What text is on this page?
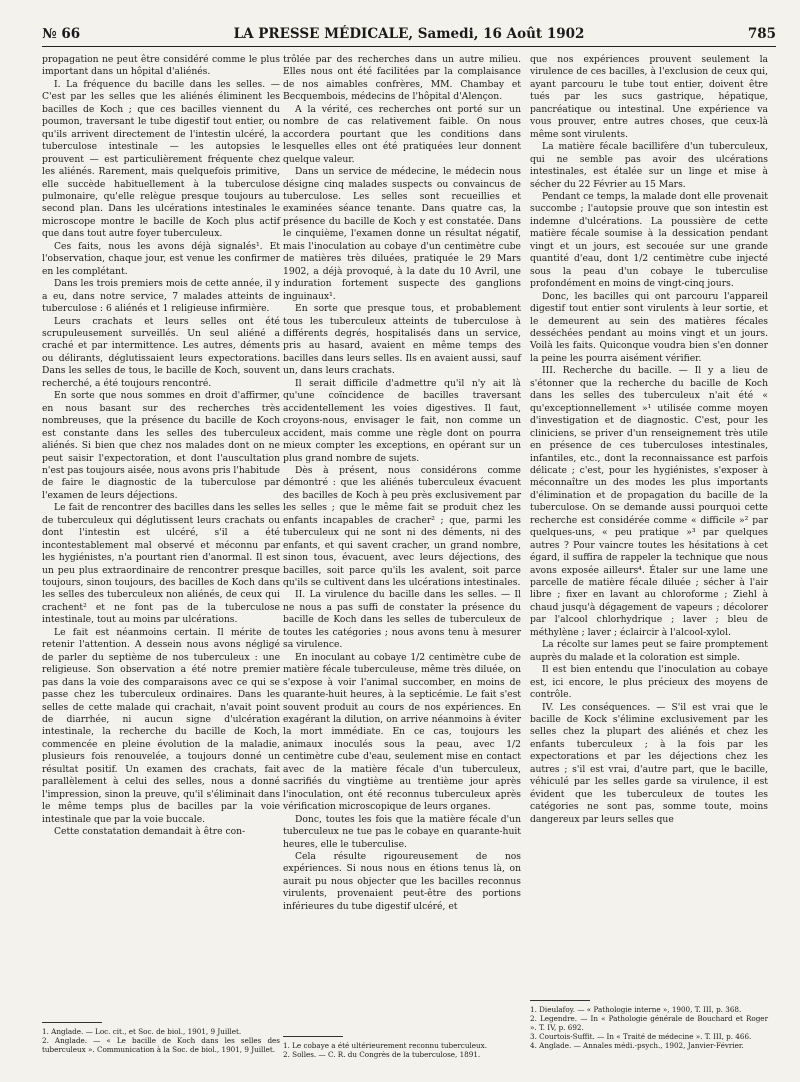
№ 66	LA PRESSE MÉDICALE, Samedi, 16 Août 1902	785

propagation ne peut être considéré comme le plus important dans un hôpital d'aliénés.

I. La fréquence du bacille dans les selles. — C'est par les selles que les aliénés éliminent les bacilles de Koch ; que ces bacilles viennent du poumon, traversant le tube digestif tout entier, ou qu'ils arrivent directement de l'intestin ulcéré, la tuberculose intestinale — les autopsies le prouvent — est particulièrement fréquente chez les aliénés. Rarement, mais quelquefois primitive, elle succède habituellement à la tuberculose pulmonaire, qu'elle relègue presque toujours au second plan. Dans les ulcérations intestinales le microscope montre le bacille de Koch plus actif que dans tout autre foyer tuberculeux.

Ces faits, nous les avons déjà signalés¹. Et l'observation, chaque jour, est venue les confirmer en les complétant.

Dans les trois premiers mois de cette année, il y a eu, dans notre service, 7 malades atteints de tuberculose : 6 aliénés et 1 religieuse infirmière.

Leurs crachats et leurs selles ont été scrupuleusement surveillés. Un seul aliéné a craché et par intermittence. Les autres, déments ou délirants, déglutissaient leurs expectorations. Dans les selles de tous, le bacille de Koch, souvent recherché, a été toujours rencontré.

En sorte que nous sommes en droit d'affirmer, en nous basant sur des recherches très nombreuses, que la présence du bacille de Koch est constante dans les selles des tuberculeux aliénés. Si bien que chez nos malades dont on ne peut saisir l'expectoration, et dont l'auscultation n'est pas toujours aisée, nous avons pris l'habitude de faire le diagnostic de la tuberculose par l'examen de leurs déjections.

Le fait de rencontrer des bacilles dans les selles de tuberculeux qui déglutissent leurs crachats ou dont l'intestin est ulcéré, s'il a été incontestablement mal observé et méconnu par les hygiénistes, n'a pourtant rien d'anormal. Il est un peu plus extraordinaire de rencontrer presque toujours, sinon toujours, des bacilles de Koch dans les selles des tuberculeux non aliénés, de ceux qui crachent² et ne font pas de la tuberculose intestinale, tout au moins par ulcérations.

Le fait est néanmoins certain. Il mérite de retenir l'attention. A dessein nous avons négligé de parler du septième de nos tuberculeux : une religieuse. Son observation a été notre premier pas dans la voie des comparaisons avec ce qui se passe chez les tuberculeux ordinaires. Dans les selles de cette malade qui crachait, n'avait point de diarrhée, ni aucun signe d'ulcération intestinale, la recherche du bacille de Koch, commencée en pleine évolution de la maladie, plusieurs fois renouvelée, a toujours donné un résultat positif. Un examen des crachats, fait parallèlement à celui des selles, nous a donné l'impression, sinon la preuve, qu'il s'éliminait dans le même temps plus de bacilles par la voie intestinale que par la voie buccale.

Cette constatation demandait à être con-

1. Anglade. — Loc. cit., et Soc. de biol., 1901, 9 Juillet.
2. Anglade. — « Le bacille de Koch dans les selles des tuberculeux ». Communication à la Soc. de biol., 1901, 9 Juillet.

trôlée par des recherches dans un autre milieu. Elles nous ont été facilitées par la complaisance de nos aimables confrères, MM. Chambay et Becquembois, médecins de l'hôpital d'Alençon.

A la vérité, ces recherches ont porté sur un nombre de cas relativement faible. On nous accordera pourtant que les conditions dans lesquelles elles ont été pratiquées leur donnent quelque valeur.

Dans un service de médecine, le médecin nous désigne cinq malades suspects ou convaincus de tuberculose. Les selles sont recueillies et examinées séance tenante. Dans quatre cas, la présence du bacille de Koch y est constatée. Dans le cinquième, l'examen donne un résultat négatif, mais l'inoculation au cobaye d'un centimètre cube de matières très diluées, pratiquée le 29 Mars 1902, a déjà provoqué, à la date du 10 Avril, une induration fortement suspecte des ganglions inguinaux¹.

En sorte que presque tous, et probablement tous les tuberculeux atteints de tuberculose à différents degrés, hospitalisés dans un service, pris au hasard, avaient en même temps des bacilles dans leurs selles. Ils en avaient aussi, sauf un, dans leurs crachats.

Il serait difficile d'admettre qu'il n'y ait là qu'une coïncidence de bacilles traversant accidentellement les voies digestives. Il faut, croyons-nous, envisager le fait, non comme un accident, mais comme une règle dont on pourra mieux compter les exceptions, en opérant sur un plus grand nombre de sujets.

Dès à présent, nous considérons comme démontré : que les aliénés tuberculeux évacuent des bacilles de Koch à peu près exclusivement par les selles ; que le même fait se produit chez les enfants incapables de cracher² ; que, parmi les tuberculeux qui ne sont ni des déments, ni des enfants, et qui savent cracher, un grand nombre, sinon tous, évacuent, avec leurs déjections, des bacilles, soit parce qu'ils les avalent, soit parce qu'ils se cultivent dans les ulcérations intestinales.

II. La virulence du bacille dans les selles. — Il ne nous a pas suffi de constater la présence du bacille de Koch dans les selles de tuberculeux de toutes les catégories ; nous avons tenu à mesurer sa virulence.

En inoculant au cobaye 1/2 centimètre cube de matière fécale tuberculeuse, même très diluée, on s'expose à voir l'animal succomber, en moins de quarante-huit heures, à la septicémie. Le fait s'est souvent produit au cours de nos expériences. En exagérant la dilution, on arrive néanmoins à éviter la mort immédiate. En ce cas, toujours les animaux inoculés sous la peau, avec 1/2 centimètre cube d'eau, seulement mise en contact avec de la matière fécale d'un tuberculeux, sacrifiés du vingtième au trentième jour après l'inoculation, ont été reconnus tuberculeux après vérification microscopique de leurs organes.

Donc, toutes les fois que la matière fécale d'un tuberculeux ne tue pas le cobaye en quarante-huit heures, elle le tuberculise.

Cela résulte rigoureusement de nos expériences. Si nous nous en étions tenus là, on aurait pu nous objecter que les bacilles reconnus virulents, provenaient peut-être des portions inférieures du tube digestif ulcéré, et

1. Le cobaye a été ultérieurement reconnu tuberculeux.
2. Solles. — C. R. du Congrès de la tuberculose, 1891.

que nos expériences prouvent seulement la virulence de ces bacilles, à l'exclusion de ceux qui, ayant parcouru le tube tout entier, doivent être tués par les sucs gastrique, hépatique, pancréatique ou intestinal. Une expérience va vous prouver, entre autres choses, que ceux-là même sont virulents.

La matière fécale bacillifère d'un tuberculeux, qui ne semble pas avoir des ulcérations intestinales, est étalée sur un linge et mise à sécher du 22 Février au 15 Mars.

Pendant ce temps, la malade dont elle provenait succombe ; l'autopsie prouve que son intestin est indemne d'ulcérations. La poussière de cette matière fécale soumise à la dessication pendant vingt et un jours, est secouée sur une grande quantité d'eau, dont 1/2 centimètre cube injecté sous la peau d'un cobaye le tuberculise profondément en moins de vingt-cinq jours.

Donc, les bacilles qui ont parcouru l'appareil digestif tout entier sont virulents à leur sortie, et le demeurent au sein des matières fécales desséchées pendant au moins vingt et un jours. Voilà les faits. Quiconque voudra bien s'en donner la peine les pourra aisément vérifier.

III. Recherche du bacille. — Il y a lieu de s'étonner que la recherche du bacille de Koch dans les selles des tuberculeux n'ait été « qu'exceptionnellement »¹ utilisée comme moyen d'investigation et de diagnostic. C'est, pour les cliniciens, se priver d'un renseignement très utile en présence de ces tuberculoses intestinales, infantiles, etc., dont la reconnaissance est parfois délicate ; c'est, pour les hygiénistes, s'exposer à méconnaître un des modes les plus importants d'élimination et de propagation du bacille de la tuberculose. On se demande aussi pourquoi cette recherche est considérée comme « difficile »² par quelques-uns, « peu pratique »³ par quelques autres ? Pour vaincre toutes les hésitations à cet égard, il suffira de rappeler la technique que nous avons exposée ailleurs⁴. Étaler sur une lame une parcelle de matière fécale diluée ; sécher à l'air libre ; fixer en lavant au chloroforme ; Ziehl à chaud jusqu'à dégagement de vapeurs ; décolorer par l'alcool chlorhydrique ; laver ; bleu de méthylène ; laver ; éclaircir à l'alcool-xylol.

La récolte sur lames peut se faire promptement auprès du malade et la coloration est simple.

Il est bien entendu que l'inoculation au cobaye est, ici encore, le plus précieux des moyens de contrôle.

IV. Les conséquences. — S'il est vrai que le bacille de Kock s'élimine exclusivement par les selles chez la plupart des aliénés et chez les enfants tuberculeux ; à la fois par les expectorations et par les déjections chez les autres ; s'il est vrai, d'autre part, que le bacille, véhiculé par les selles garde sa virulence, il est évident que les tuberculeux de toutes les catégories ne sont pas, somme toute, moins dangereux par leurs selles que

1. Dieulafoy. — « Pathologie interne », 1900, T. III, p. 368.
2. Legendre. — In « Pathologie générale de Bouchard et Roger ». T. IV, p. 692.
3. Courtois-Suffit. — In « Traité de médecine ». T. III, p. 466.
4. Anglade. — Annales médi.-psych., 1902, Janvier-Février.
